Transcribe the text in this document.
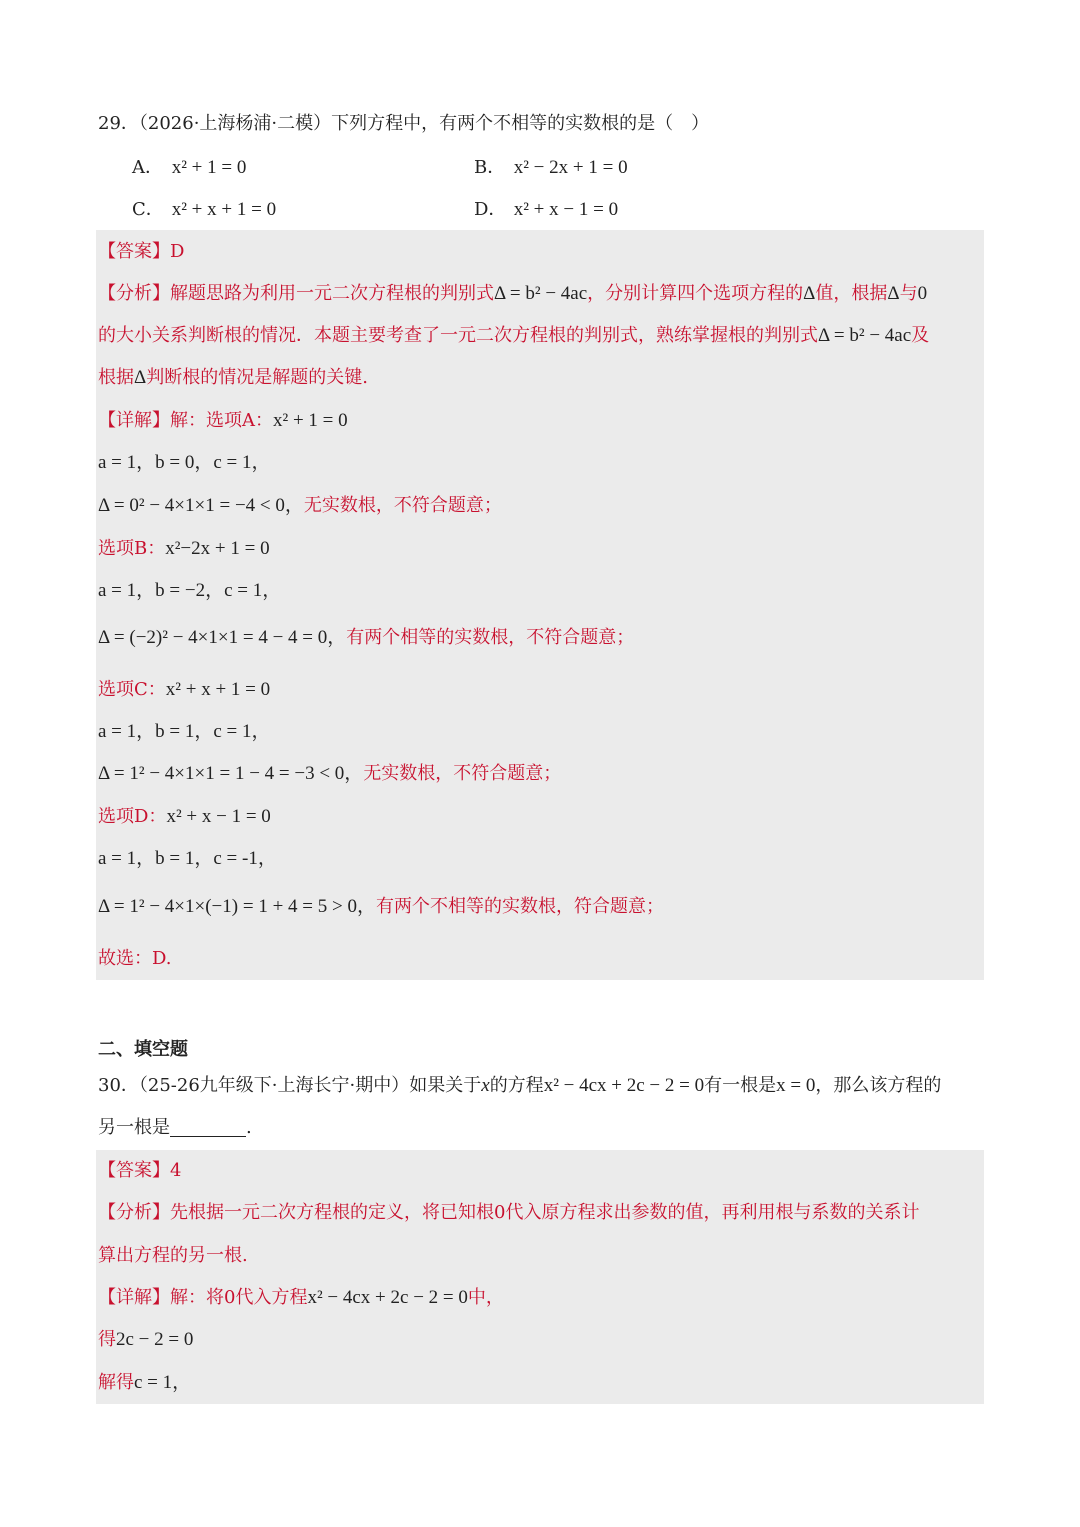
29．（2026·上海杨浦·二模）下列方程中，有两个不相等的实数根的是（　）
A． x² + 1 = 0	B． x² − 2x + 1 = 0
C． x² + x + 1 = 0	D． x² + x − 1 = 0
【答案】D
【分析】解题思路为利用一元二次方程根的判别式Δ = b² − 4ac，分别计算四个选项方程的Δ值，根据Δ与0
的大小关系判断根的情况．本题主要考查了一元二次方程根的判别式，熟练掌握根的判别式Δ = b² − 4ac及
根据Δ判断根的情况是解题的关键.
【详解】解：选项A：x² + 1 = 0
a = 1，b = 0，c = 1，
Δ = 0² − 4×1×1 = −4 < 0，无实数根，不符合题意；
选项B：x²−2x + 1 = 0
a = 1，b = −2，c = 1，
Δ = (−2)² − 4×1×1 = 4 − 4 = 0，有两个相等的实数根，不符合题意；
选项C：x² + x + 1 = 0
a = 1，b = 1，c = 1，
Δ = 1² − 4×1×1 = 1 − 4 = −3 < 0，无实数根，不符合题意；
选项D：x² + x − 1 = 0
a = 1，b = 1，c = -1，
Δ = 1² − 4×1×(−1) = 1 + 4 = 5 > 0，有两个不相等的实数根，符合题意；
故选：D.
二、填空题
30．（25-26九年级下·上海长宁·期中）如果关于x的方程x² − 4cx + 2c − 2 = 0有一根是x = 0，那么该方程的
另一根是	.
【答案】4
【分析】先根据一元二次方程根的定义，将已知根0代入原方程求出参数的值，再利用根与系数的关系计
算出方程的另一根.
【详解】解：将0代入方程x² − 4cx + 2c − 2 = 0中，
得2c − 2 = 0
解得c = 1，
